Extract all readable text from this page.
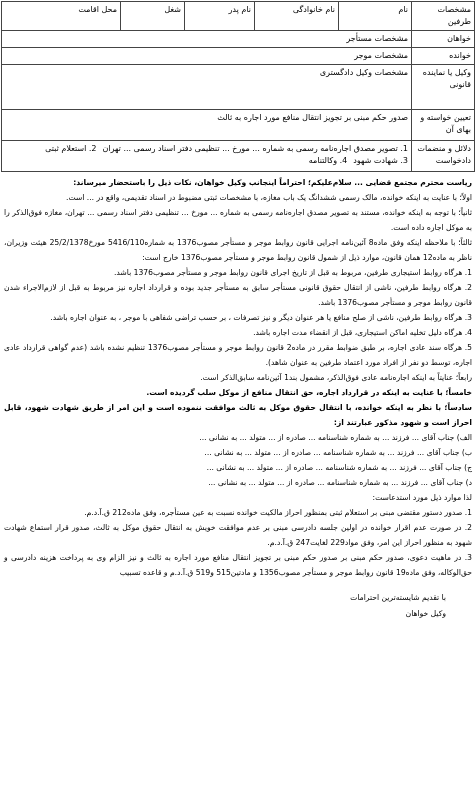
مشخصات طرفین	نام	نام خانوادگی	نام پدر	شغل	محل اقامت
خواهان	مشخصات مستأجر				
خوانده	مشخصات موجر				
وکیل یا نماینده قانونی	مشخصات وکیل دادگستری				
تعیین خواسته و بهای آن	صدور حکم مبنی بر تجویز انتقال منافع مورد اجاره به ثالث				
دلائل و منضمات دادخواست	1. تصویر مصدق اجاره‌نامه رسمی به شماره ... مورخ ... تنظیمی دفتر اسناد رسمی ... تهران
2. استعلام ثبتی
3. شهادت شهود
4. وکالتنامه				

ریاست محترم مجتمع قضایی ... سلام‌علیکم؛ احتراماً اینجانب وکیل خواهان، نکات ذیل را باستحضار میرساند:

اولاً؛ با عنایت به اینکه خوانده، مالک رسمی ششدانگ یک باب مغازه، با مشخصات ثبتی مضبوط در اسناد تقدیمی، واقع در ... است.

ثانیاً؛ با توجه به اینکه خوانده، مستند به تصویر مصدق اجاره‌نامه رسمی به شماره ... مورخ ... تنظیمی دفتر اسناد رسمی ... تهران، مغازه فوق‌الذکر را به موکل اجاره داده است.

ثالثاً؛ با ملاحظه اینکه وفق ماده8 آئین‌نامه اجرایی قانون روابط موجر و مستأجر مصوب1376 به شماره5416/110 مورخ25/2/1378 هیئت وزیران، ناظر به ماده12 همان قانون، موارد ذیل از شمول قانون روابط موجر و مستأجر مصوب1376 خارج است:

1. هرگاه روابط استیجاری طرفین، مربوط به قبل از تاریخ اجرای قانون روابط موجر و مستأجر مصوب1376 باشد.

2. هرگاه روابط طرفین، ناشی از انتقال حقوق قانونی مستأجر سابق به مستأجر جدید بوده و قرارداد اجاره نیز مربوط به قبل از لازم‌الاجراء شدن قانون روابط موجر و مستأجر مصوب1376 باشد.

3. هرگاه روابط طرفین، ناشی از صلح منافع یا هر عنوان دیگر و نیز تصرفات ، بر حسب تراضی شفاهی با موجر ، به عنوان اجاره باشد.

4. هرگاه دلیل تخلیه اماکن استیجاری، قبل از انقضاء مدت اجاره باشد.

5. هرگاه سند عادی اجاره، بر طبق ضوابط مقرر در ماده2 قانون روابط موجر و مستأجر مصوب1376 تنظیم نشده باشد (عدم گواهی قرارداد عادی اجاره، توسط دو نفر از افراد مورد اعتماد طرفین به عنوان شاهد).

رابعاً؛ عنایتاً به اینکه اجاره‌نامه عادی فوق‌الذکر، مشمول بند1 آئین‌نامه سابق‌الذکر است.

خامساً؛ با عنایت به اینکه در قرارداد اجاره، حق انتقال منافع از موکل سلب گردیده است.

سادساً؛ با نظر به اینکه خوانده، با انتقال حقوق موکل به ثالث موافقت ننموده است و این امر از طریق شهادت شهود، قابل احراز است و شهود مذکور عبارتند از:

الف) جناب آقای ... فرزند ... به شماره شناسنامه ... صادره از ... متولد ... به نشانی ...

ب) جناب آقای ... فرزند ... به شماره شناسنامه ... صادره از ... متولد ... به نشانی ...

ج) جناب آقای ... فرزند ... به شماره شناسنامه ... صادره از ... متولد ... به نشانی ...

د) جناب آقای ... فرزند ... به شماره شناسنامه ... صادره از ... متولد ... به نشانی ...

لذا موارد ذیل مورد استدعاست:

1. صدور دستور مقتضی مبنی بر استعلام ثبتی بمنظور احراز مالکیت خوانده نسبت به عین مستأجره، وفق ماده212 ق.آ.د.م.

2. در صورت عدم اقرار خوانده در اولین جلسه دادرسی مبنی بر عدم موافقت خویش به انتقال حقوق موکل به ثالث، صدور قرار استماع شهادت شهود به منظور احراز این امر، وفق مواد229 لغایت247 ق.آ.د.م.

3. در ماهیت دعوی، صدور حکم مبنی بر صدور حکم مبنی بر تجویز انتقال منافع مورد اجاره به ثالث و نیز الزام وی به پرداخت هزینه دادرسی و حق‌الوکاله، وفق ماده19 قانون روابط موجر و مستأجر مصوب1356 و مادتین515 و519 ق.آ.د.م و قاعده تسبیب

با تقدیم شایسته‌ترین احترامات
وکیل خواهان
